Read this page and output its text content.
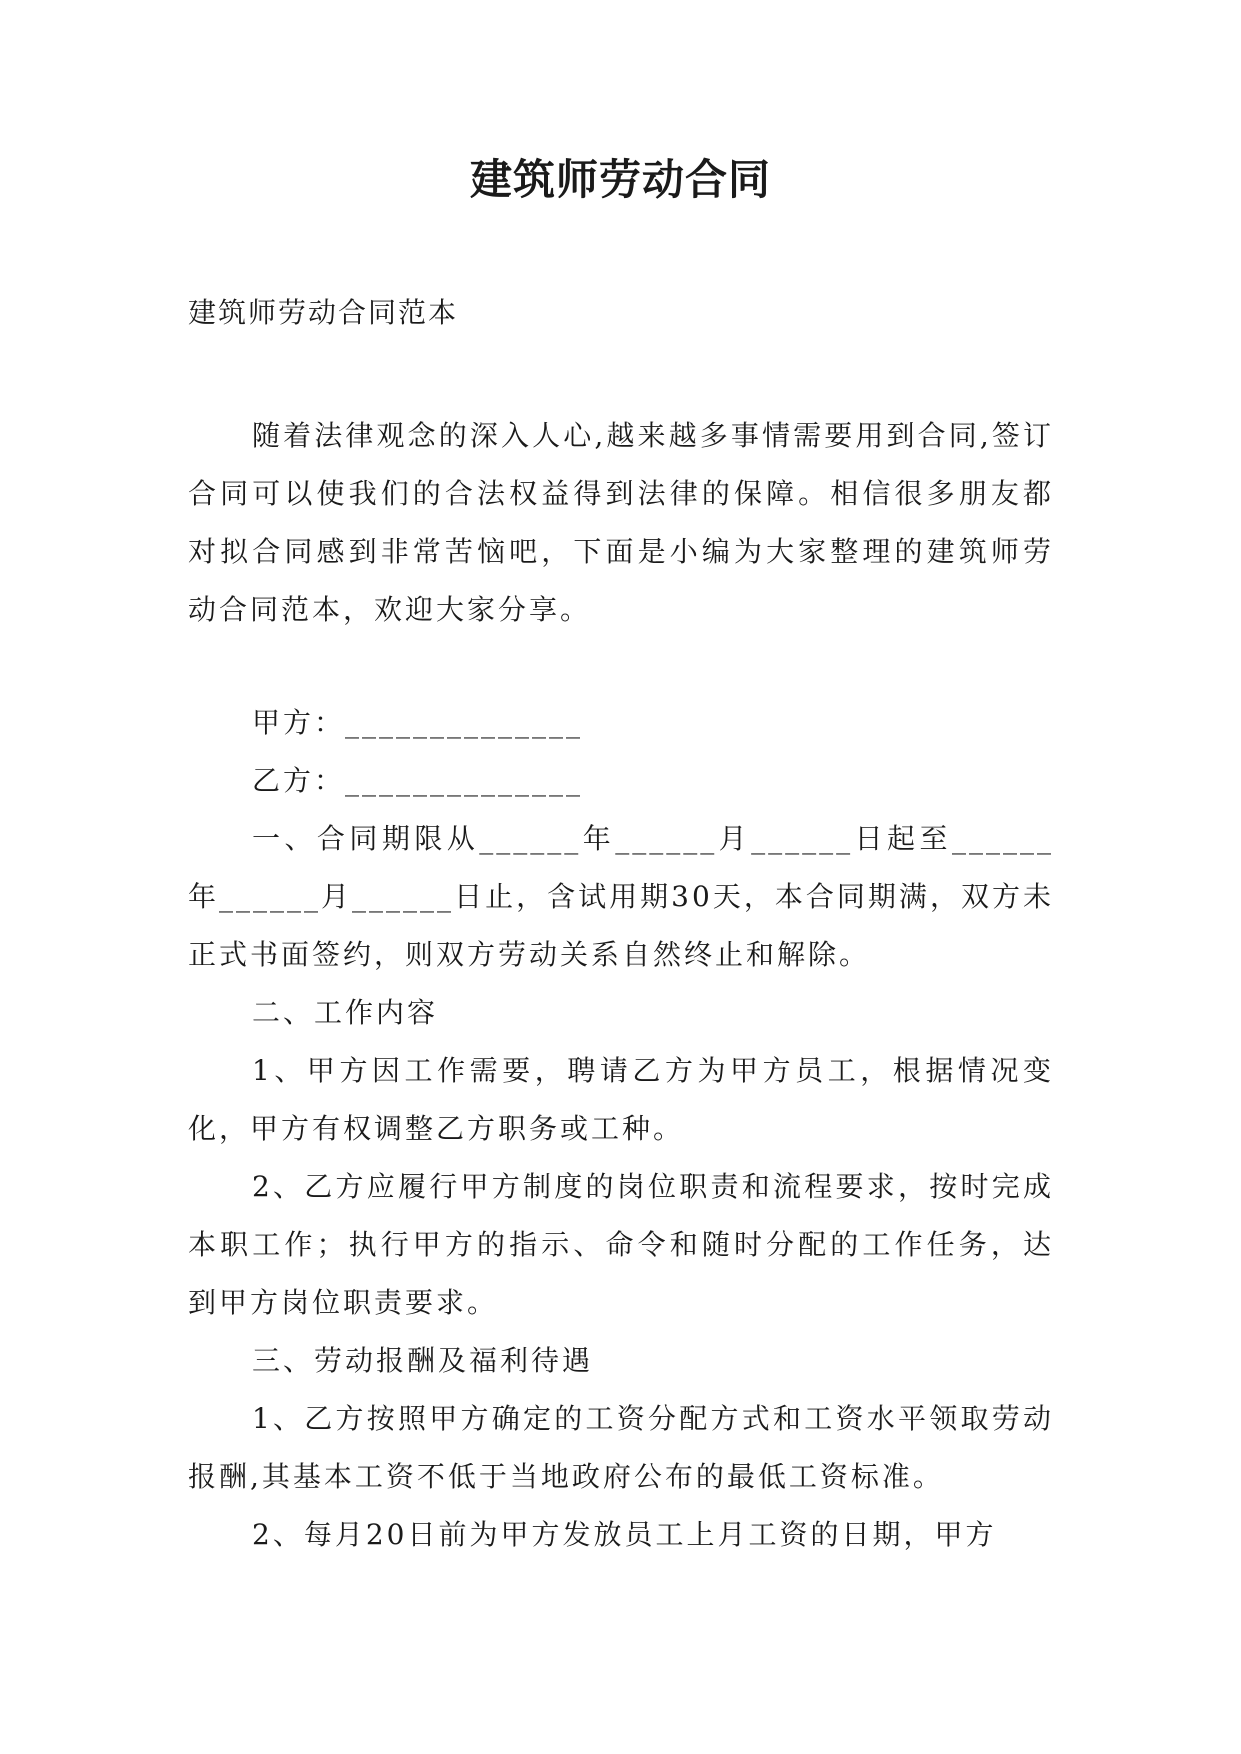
建筑师劳动合同

建筑师劳动合同范本

随着法律观念的深入人心,越来越多事情需要用到合同,签订合同可以使我们的合法权益得到法律的保障。相信很多朋友都对拟合同感到非常苦恼吧，下面是小编为大家整理的建筑师劳动合同范本，欢迎大家分享。

甲方：______________

乙方：______________

一、合同期限从______年______月______日起至______年______月______日止，含试用期30天，本合同期满，双方未正式书面签约，则双方劳动关系自然终止和解除。

二、工作内容

1、甲方因工作需要，聘请乙方为甲方员工，根据情况变化，甲方有权调整乙方职务或工种。

2、乙方应履行甲方制度的岗位职责和流程要求，按时完成本职工作；执行甲方的指示、命令和随时分配的工作任务，达到甲方岗位职责要求。

三、劳动报酬及福利待遇

1、乙方按照甲方确定的工资分配方式和工资水平领取劳动报酬,其基本工资不低于当地政府公布的最低工资标准。

2、每月20日前为甲方发放员工上月工资的日期，甲方
